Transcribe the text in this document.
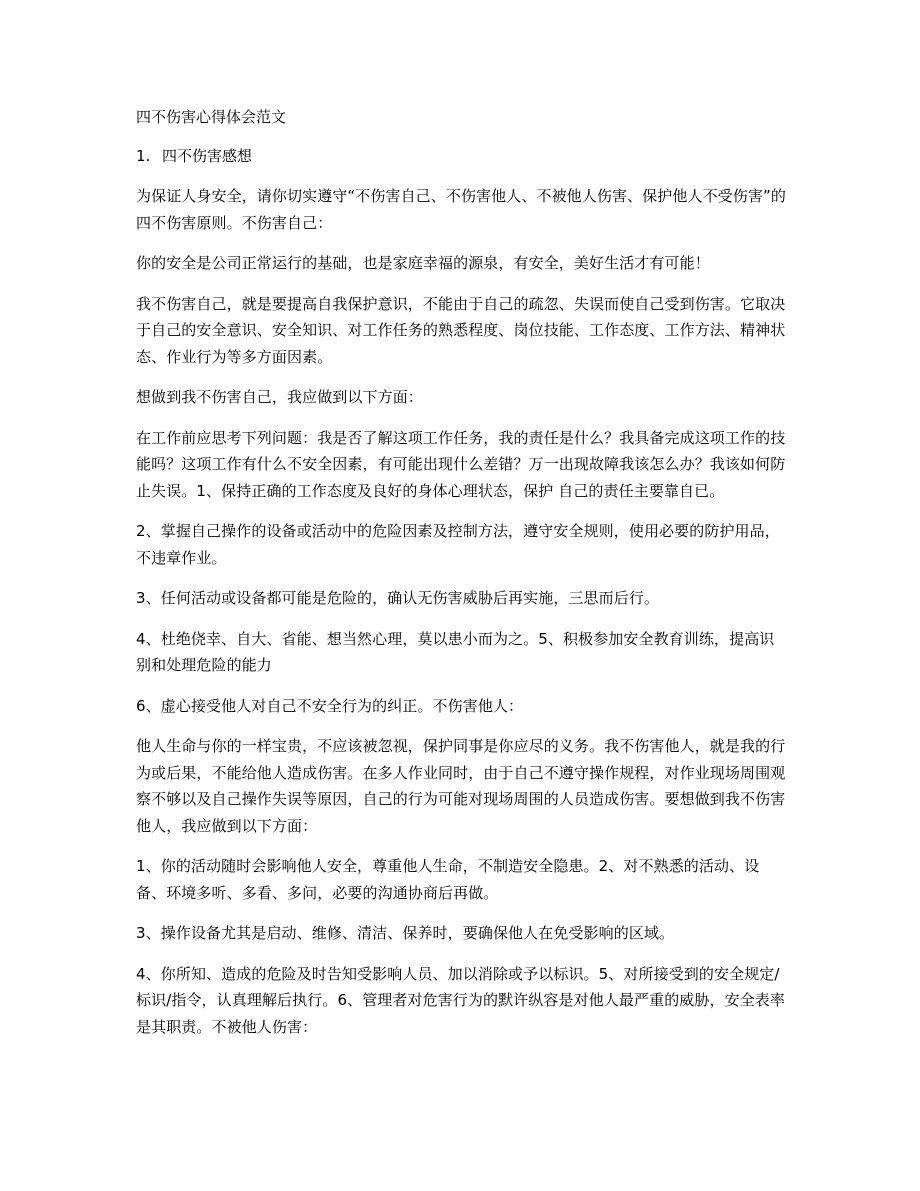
四不伤害心得体会范文
1. 四不伤害感想

为保证人身安全，请你切实遵守“不伤害自己、不伤害他人、不被他人伤害、保护他人不受伤害”的四不伤害原则。不伤害自己：

你的安全是公司正常运行的基础，也是家庭幸福的源泉，有安全，美好生活才有可能！

我不伤害自己，就是要提高自我保护意识，不能由于自己的疏忽、失误而使自己受到伤害。它取决于自己的安全意识、安全知识、对工作任务的熟悉程度、岗位技能、工作态度、工作方法、精神状态、作业行为等多方面因素。

想做到我不伤害自己，我应做到以下方面：

在工作前应思考下列问题：我是否了解这项工作任务，我的责任是什么？我具备完成这项工作的技能吗？这项工作有什么不安全因素，有可能出现什么差错？万一出现故障我该怎么办？我该如何防止失误。1、保持正确的工作态度及良好的身体心理状态，保护 自己的责任主要靠自已。

2、掌握自己操作的设备或活动中的危险因素及控制方法，遵守安全规则，使用必要的防护用品，不违章作业。

3、任何活动或设备都可能是危险的，确认无伤害威胁后再实施，三思而后行。

4、杜绝侥幸、自大、省能、想当然心理，莫以患小而为之。5、积极参加安全教育训练，提高识别和处理危险的能力

6、虚心接受他人对自己不安全行为的纠正。不伤害他人：

他人生命与你的一样宝贵，不应该被忽视，保护同事是你应尽的义务。我不伤害他人，就是我的行为或后果，不能给他人造成伤害。在多人作业同时，由于自己不遵守操作规程，对作业现场周围观察不够以及自己操作失误等原因，自己的行为可能对现场周围的人员造成伤害。要想做到我不伤害他人，我应做到以下方面：

1、你的活动随时会影响他人安全，尊重他人生命，不制造安全隐患。2、对不熟悉的活动、设备、环境多听、多看、多问，必要的沟通协商后再做。

3、操作设备尤其是启动、维修、清洁、保养时，要确保他人在免受影响的区域。

4、你所知、造成的危险及时告知受影响人员、加以消除或予以标识。5、对所接受到的安全规定/标识/指令，认真理解后执行。6、管理者对危害行为的默许纵容是对他人最严重的威胁，安全表率是其职责。不被他人伤害：
